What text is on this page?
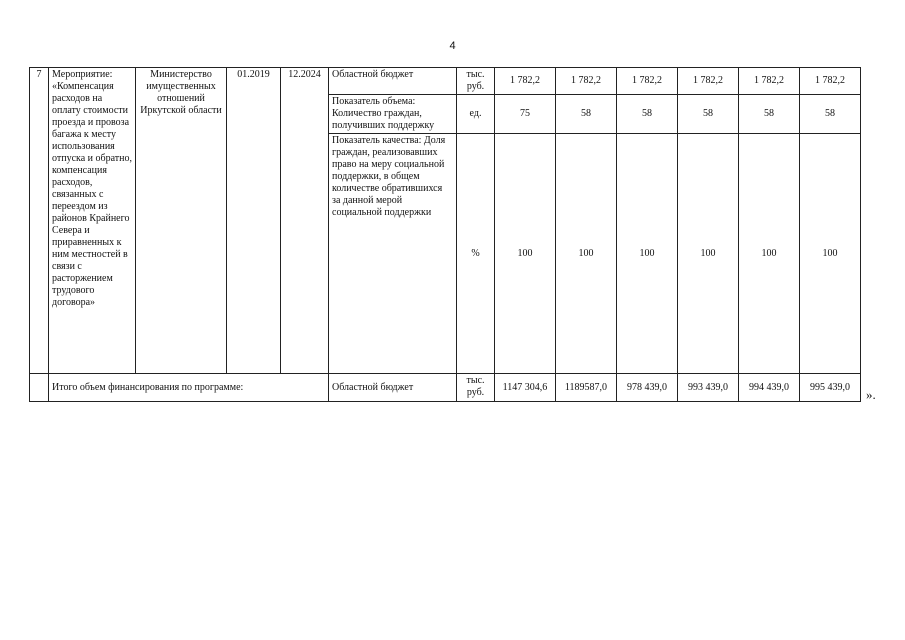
4
7	Мероприятие: «Компенсация расходов на оплату стоимости проезда и провоза багажа к месту использования отпуска и обратно, компенсация расходов, связанных с переездом из районов Крайнего Севера и приравненных к ним местностей в связи с расторжением трудового договора»	Министерство имущественных отношений Иркутской области	01.2019	12.2024	Областной бюджет	тыс. руб.	1 782,2	1 782,2	1 782,2	1 782,2	1 782,2	1 782,2
					Показатель объема: Количество граждан, получивших поддержку	ед.	75	58	58	58	58	58
					Показатель качества: Доля граждан, реализовавших право на меру социальной поддержки, в общем количестве обратившихся за данной мерой социальной поддержки	%	100	100	100	100	100	100
	Итого объем финансирования по программе:				Областной бюджет	тыс. руб.	1147 304,6	1189587,0	978 439,0	993 439,0	994 439,0	995 439,0 ».
